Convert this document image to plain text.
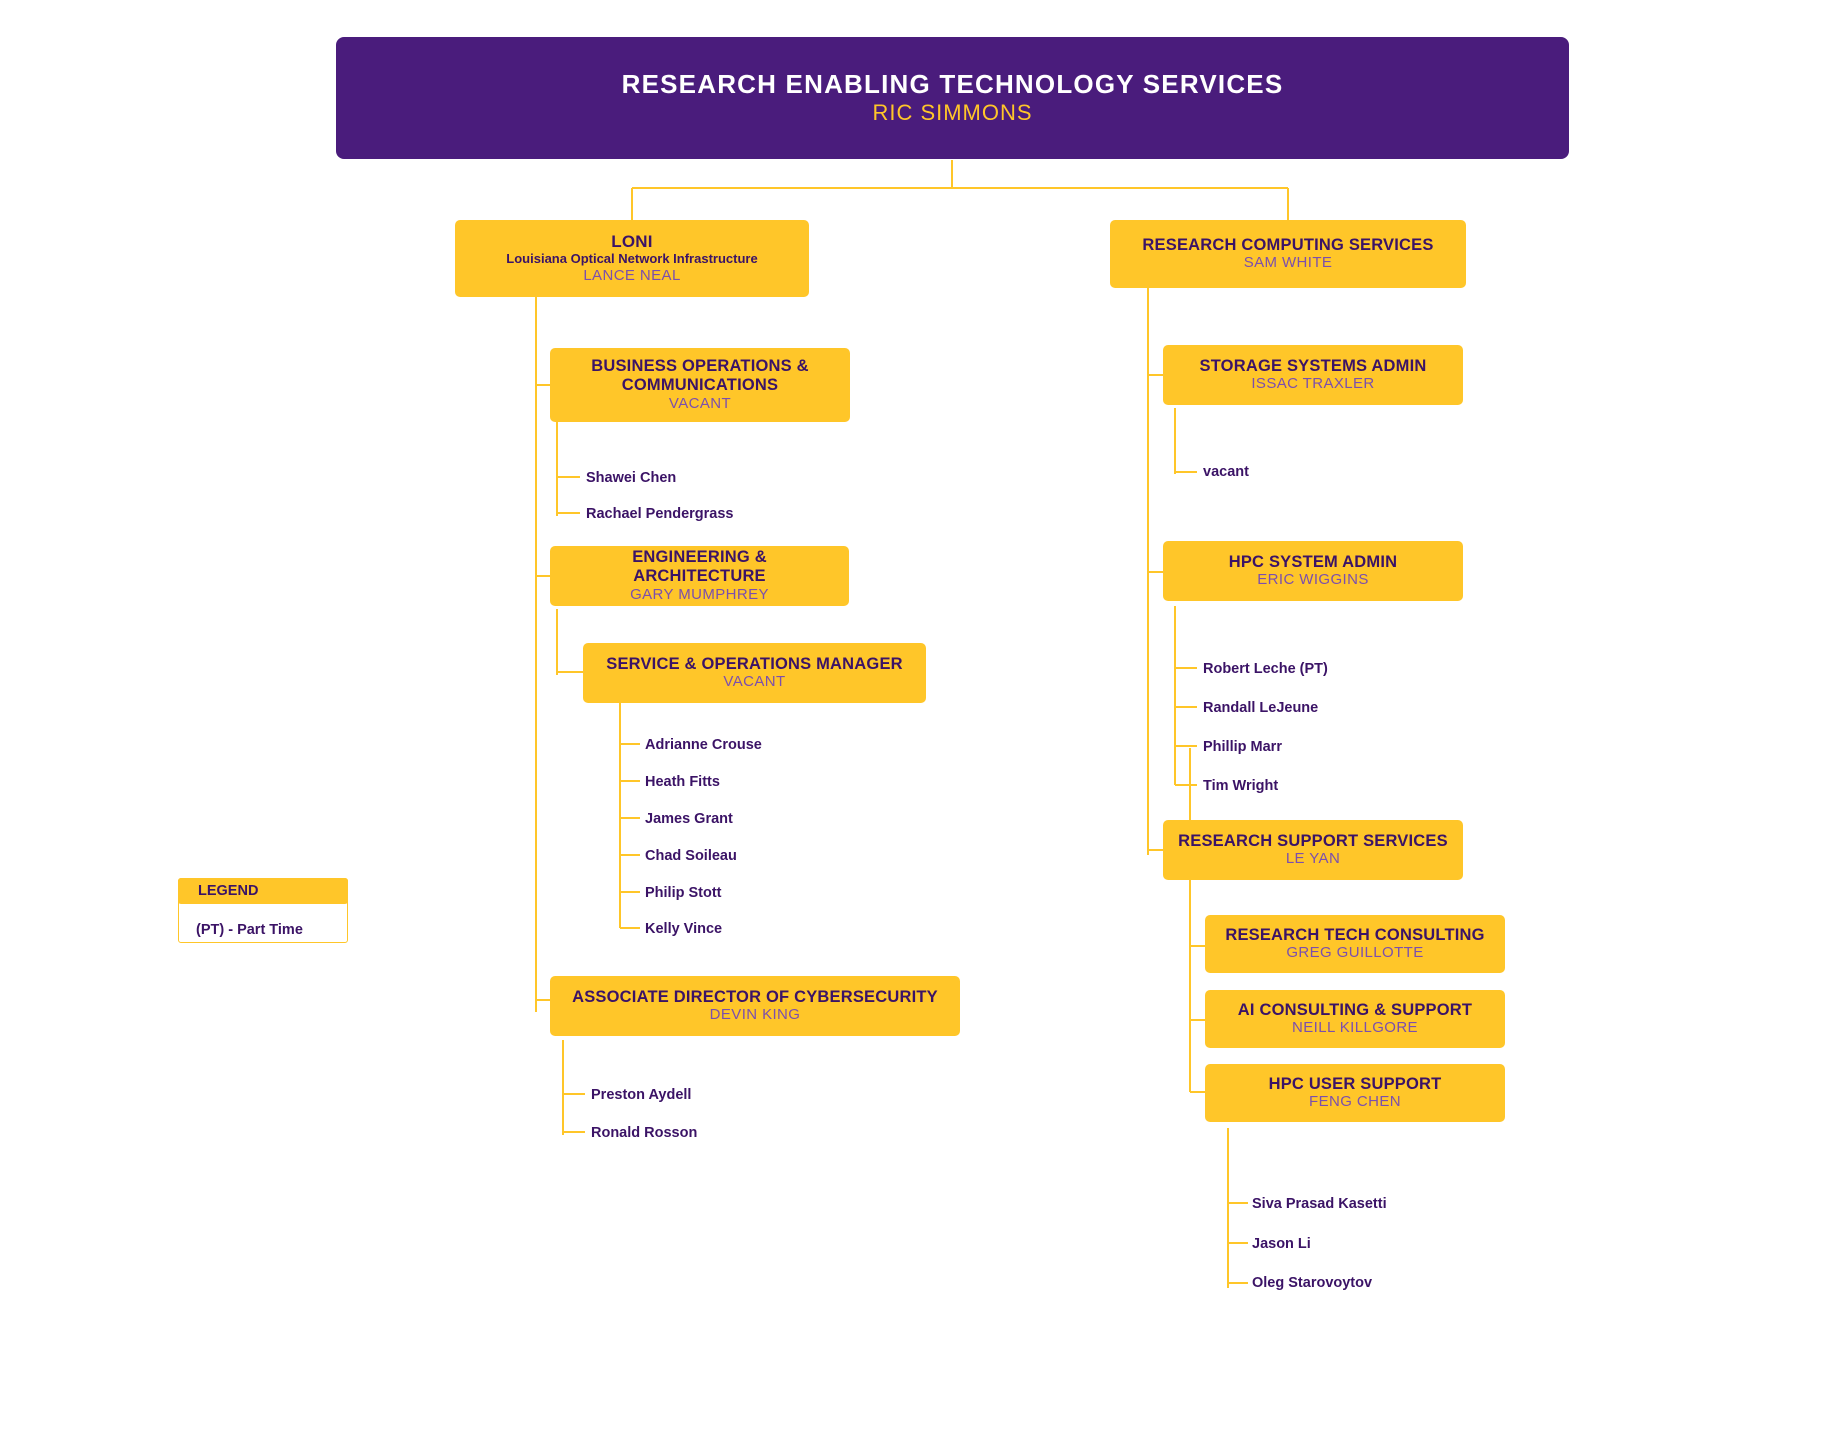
RESEARCH ENABLING TECHNOLOGY SERVICES
RIC SIMMONS
LONI
Louisiana Optical Network Infrastructure
LANCE NEAL
RESEARCH COMPUTING SERVICES
SAM WHITE
BUSINESS OPERATIONS & COMMUNICATIONS
VACANT
Shawei Chen
Rachael Pendergrass
ENGINEERING & ARCHITECTURE
GARY MUMPHREY
SERVICE & OPERATIONS MANAGER
VACANT
Adrianne Crouse
Heath Fitts
James Grant
Chad Soileau
Philip Stott
Kelly Vince
ASSOCIATE DIRECTOR OF CYBERSECURITY
DEVIN KING
Preston Aydell
Ronald Rosson
STORAGE SYSTEMS ADMIN
ISSAC TRAXLER
vacant
HPC SYSTEM ADMIN
ERIC WIGGINS
Robert Leche (PT)
Randall LeJeune
Phillip Marr
Tim Wright
RESEARCH SUPPORT SERVICES
LE YAN
RESEARCH TECH CONSULTING
GREG GUILLOTTE
AI CONSULTING & SUPPORT
NEILL KILLGORE
HPC USER SUPPORT
FENG CHEN
Siva Prasad Kasetti
Jason Li
Oleg Starovoytov
LEGEND
(PT) - Part Time
